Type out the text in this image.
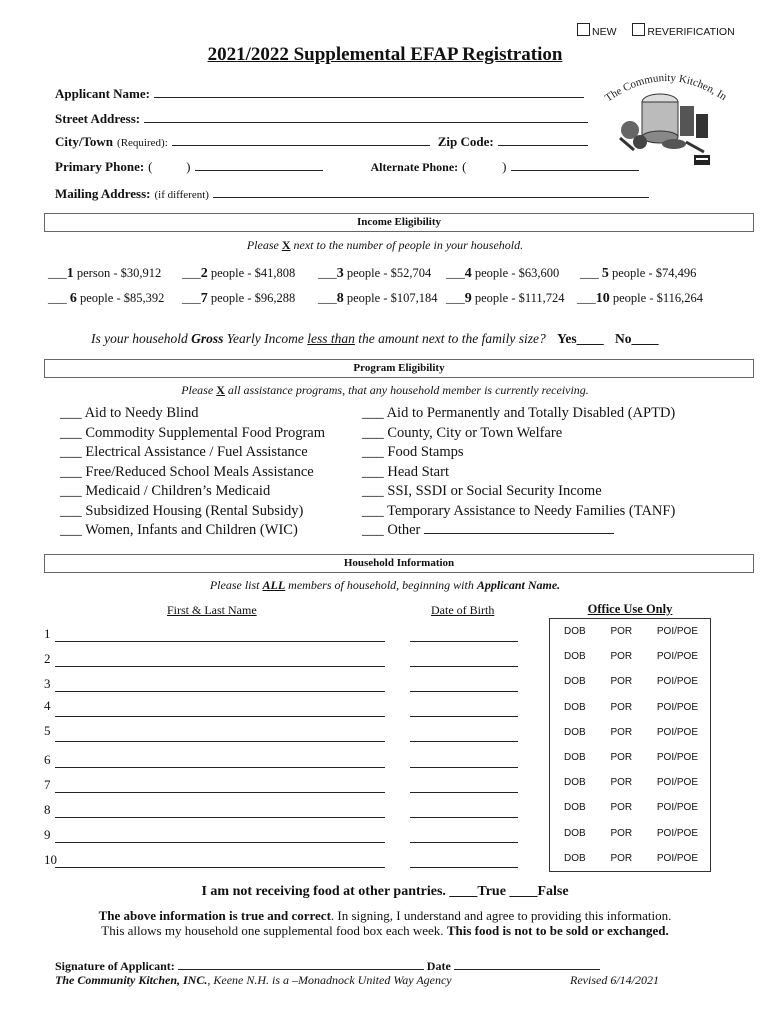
NEW	REVERIFICATION
2021/2022 Supplemental EFAP Registration
The Community Kitchen, In
Applicant Name:
Street Address:
City/Town (Required):	Zip Code:
Primary Phone: (	)	Alternate Phone: (	)
Mailing Address: (if different)
Income Eligibility
Please X next to the number of people in your household.
___1 person - $30,912 ___2 people - $41,808 ___3 people - $52,704 ___4 people - $63,600 ___ 5 people - $74,496
___ 6 people - $85,392 ___7 people - $96,288 ___8 people - $107,184 ___9 people - $111,724 ___10 people - $116,264
Is your household Gross Yearly Income less than the amount next to the family size? Yes____ No____
Program Eligibility
Please X all assistance programs, that any household member is currently receiving.
___ Aid to Needy Blind
___ Commodity Supplemental Food Program
___ Electrical Assistance / Fuel Assistance
___ Free/Reduced School Meals Assistance
___ Medicaid / Children’s Medicaid
___ Subsidized Housing (Rental Subsidy)
___ Women, Infants and Children (WIC)
___ Aid to Permanently and Totally Disabled (APTD)
___ County, City or Town Welfare
___ Food Stamps
___ Head Start
___ SSI, SSDI or Social Security Income
___ Temporary Assistance to Needy Families (TANF)
___ Other
Household Information
Please list ALL members of household, beginning with Applicant Name.
First & Last Name	Date of Birth	Office Use Only
1
2
3
4
5
6
7
8
9
10
DOB POR POI/POE
DOB POR POI/POE
DOB POR POI/POE
DOB POR POI/POE
DOB POR POI/POE
DOB POR POI/POE
DOB POR POI/POE
DOB POR POI/POE
DOB POR POI/POE
DOB POR POI/POE
I am not receiving food at other pantries. ____True ____False
The above information is true and correct. In signing, I understand and agree to providing this information.
This allows my household one supplemental food box each week. This food is not to be sold or exchanged.
Signature of Applicant:	Date
The Community Kitchen, INC., Keene N.H. is a –Monadnock United Way Agency	Revised 6/14/2021
